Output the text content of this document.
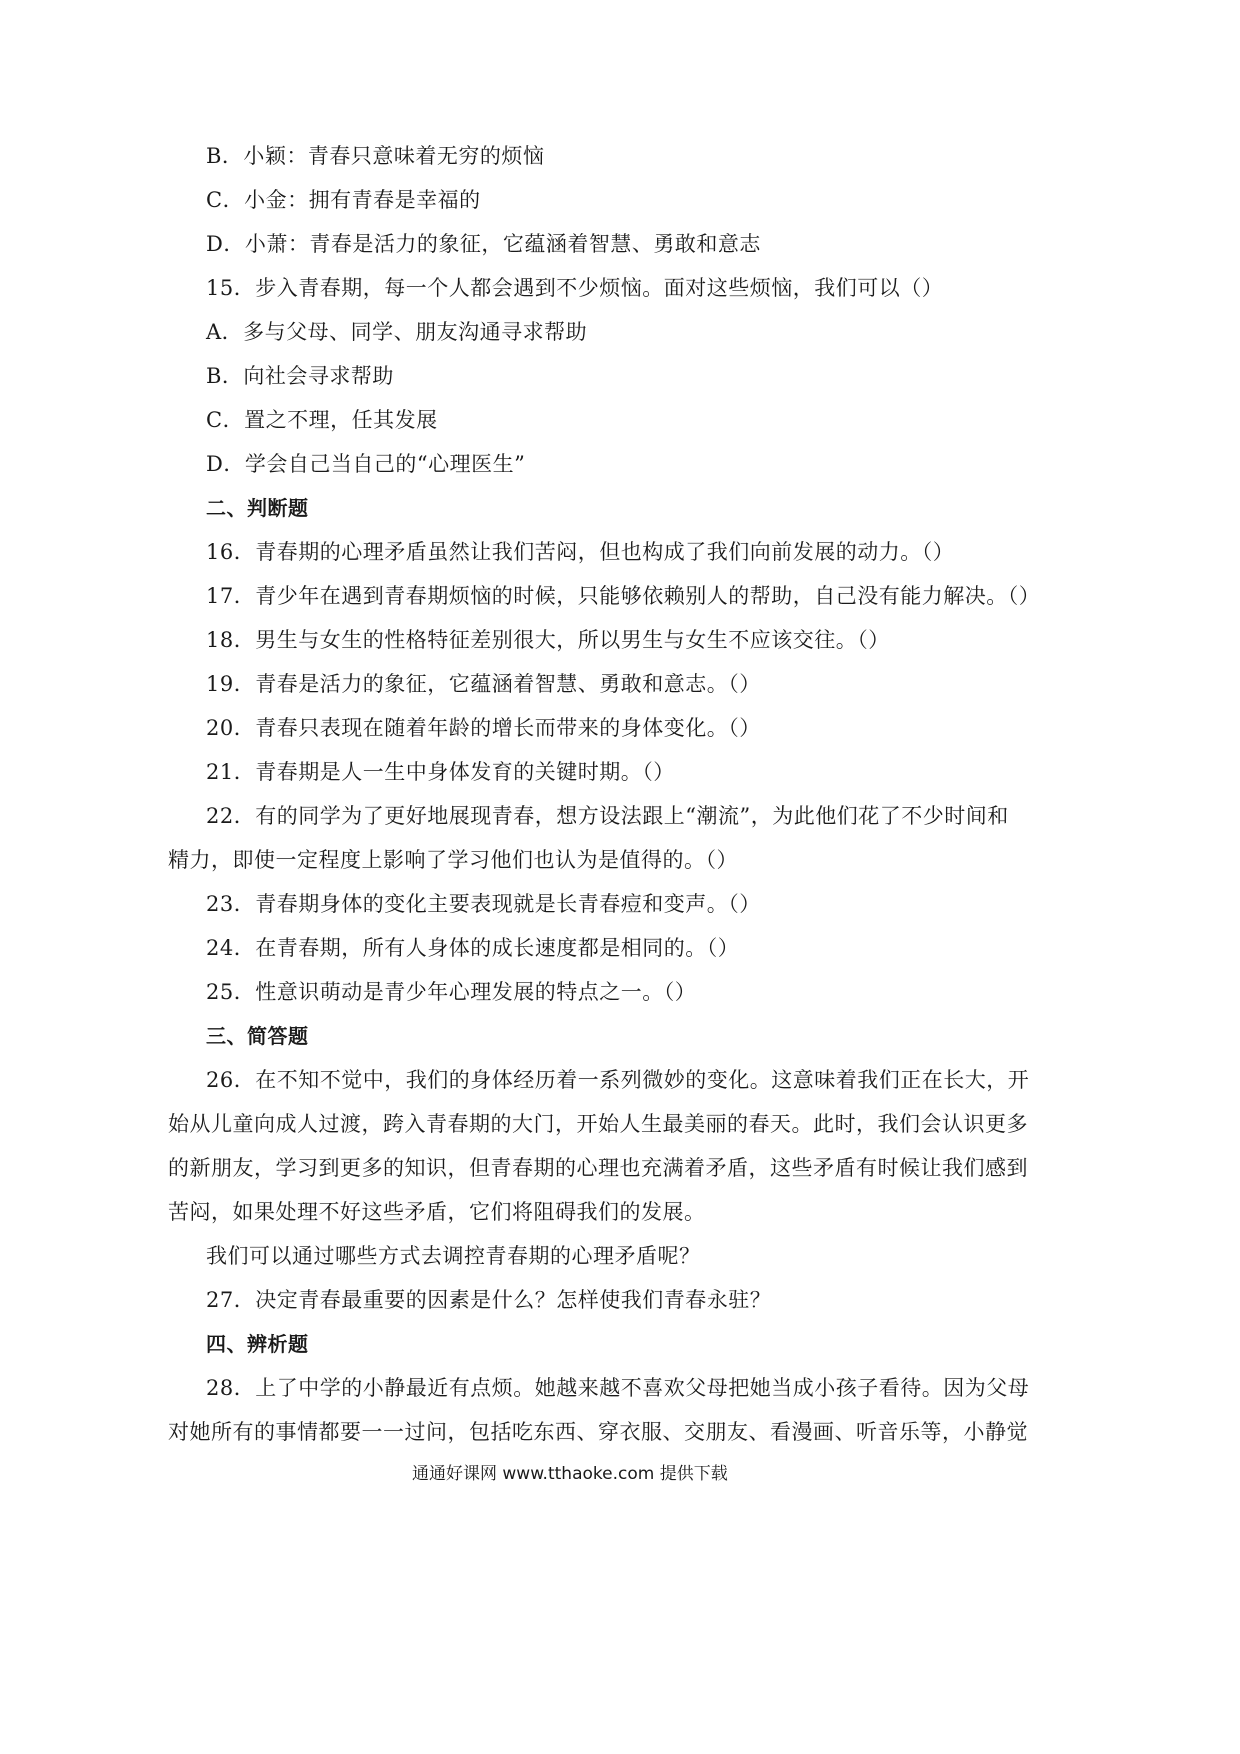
B．小颖：青春只意味着无穷的烦恼
C．小金：拥有青春是幸福的
D．小萧：青春是活力的象征，它蕴涵着智慧、勇敢和意志
15．步入青春期，每一个人都会遇到不少烦恼。面对这些烦恼，我们可以（）
A．多与父母、同学、朋友沟通寻求帮助
B．向社会寻求帮助
C．置之不理，任其发展
D．学会自己当自己的“心理医生”
二、判断题
16．青春期的心理矛盾虽然让我们苦闷，但也构成了我们向前发展的动力。（）
17．青少年在遇到青春期烦恼的时候，只能够依赖别人的帮助，自己没有能力解决。（）
18．男生与女生的性格特征差别很大，所以男生与女生不应该交往。（）
19．青春是活力的象征，它蕴涵着智慧、勇敢和意志。（）
20．青春只表现在随着年龄的增长而带来的身体变化。（）
21．青春期是人一生中身体发育的关键时期。（）
22．有的同学为了更好地展现青春，想方设法跟上“潮流”，为此他们花了不少时间和
精力，即使一定程度上影响了学习他们也认为是值得的。（）
23．青春期身体的变化主要表现就是长青春痘和变声。（）
24．在青春期，所有人身体的成长速度都是相同的。（）
25．性意识萌动是青少年心理发展的特点之一。（）
三、简答题
26．在不知不觉中，我们的身体经历着一系列微妙的变化。这意味着我们正在长大，开
始从儿童向成人过渡，跨入青春期的大门，开始人生最美丽的春天。此时，我们会认识更多
的新朋友，学习到更多的知识，但青春期的心理也充满着矛盾，这些矛盾有时候让我们感到
苦闷，如果处理不好这些矛盾，它们将阻碍我们的发展。
我们可以通过哪些方式去调控青春期的心理矛盾呢？
27．决定青春最重要的因素是什么？怎样使我们青春永驻？
四、辨析题
28．上了中学的小静最近有点烦。她越来越不喜欢父母把她当成小孩子看待。因为父母
对她所有的事情都要一一过问，包括吃东西、穿衣服、交朋友、看漫画、听音乐等，小静觉
通通好课网 www.tthaoke.com 提供下载
